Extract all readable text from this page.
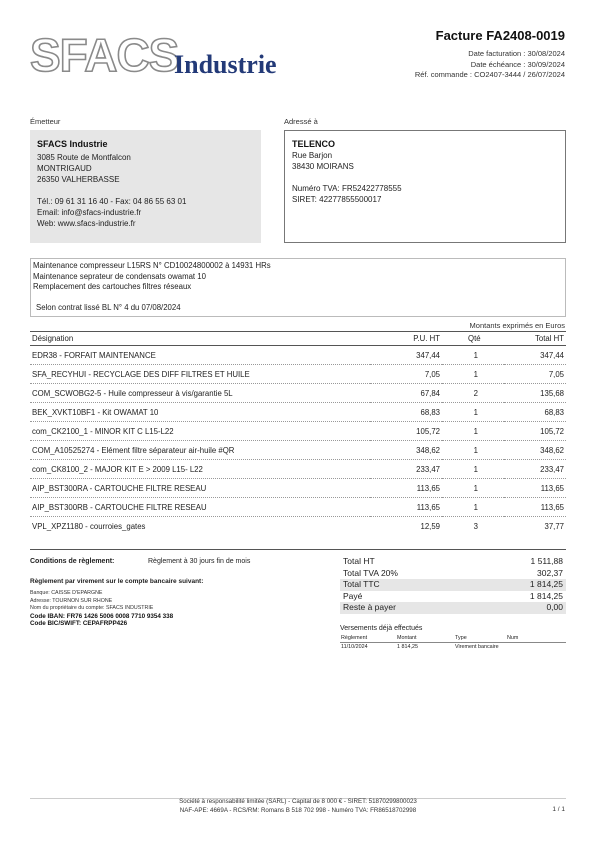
SFACS
Industrie
Facture FA2408-0019
Date facturation : 30/08/2024
Date échéance : 30/09/2024
Réf. commande : CO2407-3444 / 26/07/2024
Émetteur	Adressé à
SFACS Industrie
3085 Route de Montfalcon
MONTRIGAUD
26350 VALHERBASSE
Tél.: 09 61 31 16 40 - Fax: 04 86 55 63 01
Email: info@sfacs-industrie.fr
Web: www.sfacs-industrie.fr
TELENCO
Rue Barjon
38430 MOIRANS
Numéro TVA: FR52422778555
SIRET: 42277855500017
Maintenance compresseur L15RS N° CD10024800002 à 14931 HRs
Maintenance seprateur de condensats owamat 10
Remplacement des cartouches filtres réseaux
Selon contrat lissé BL N° 4 du 07/08/2024
Montants exprimés en Euros
Désignation	P.U. HT	Qté	Total HT
EDR38 - FORFAIT MAINTENANCE	347,44	1	347,44
SFA_RECYHUI - RECYCLAGE DES DIFF FILTRES ET HUILE	7,05	1	7,05
COM_SCWOBG2-5 - Huile compresseur à vis/garantie 5L	67,84	2	135,68
BEK_XVKT10BF1 - Kit OWAMAT 10	68,83	1	68,83
com_CK2100_1 - MINOR KIT C L15-L22	105,72	1	105,72
COM_A10525274 - Elément filtre séparateur air-huile #QR	348,62	1	348,62
com_CK8100_2 - MAJOR KIT E > 2009 L15- L22	233,47	1	233,47
AIP_BST300RA - CARTOUCHE FILTRE RESEAU	113,65	1	113,65
AIP_BST300RB - CARTOUCHE FILTRE RESEAU	113,65	1	113,65
VPL_XPZ1180 - courroies_gates	12,59	3	37,77
Conditions de règlement:	Règlement à 30 jours fin de mois
Règlement par virement sur le compte bancaire suivant:
Banque: CAISSE D'EPARGNE
Adresse: TOURNON SUR RHONE
Nom du propriétaire du compte: SFACS INDUSTRIE
Code IBAN: FR76 1426 5006 0008 7710 9354 338
Code BIC/SWIFT: CEPAFRPP426
Total HT	1 511,88
Total TVA 20%	302,37
Total TTC	1 814,25
Payé	1 814,25
Reste à payer	0,00
Versements déjà effectués
Règlement	Montant	Type	Num
11/10/2024	1 814,25	Virement bancaire	
Société à responsabilité limitée (SARL) - Capital de 8 000 € - SIRET: 51870299800023
NAF-APE: 4669A - RCS/RM: Romans B 518 702 998 - Numéro TVA: FR86518702998	1 / 1
